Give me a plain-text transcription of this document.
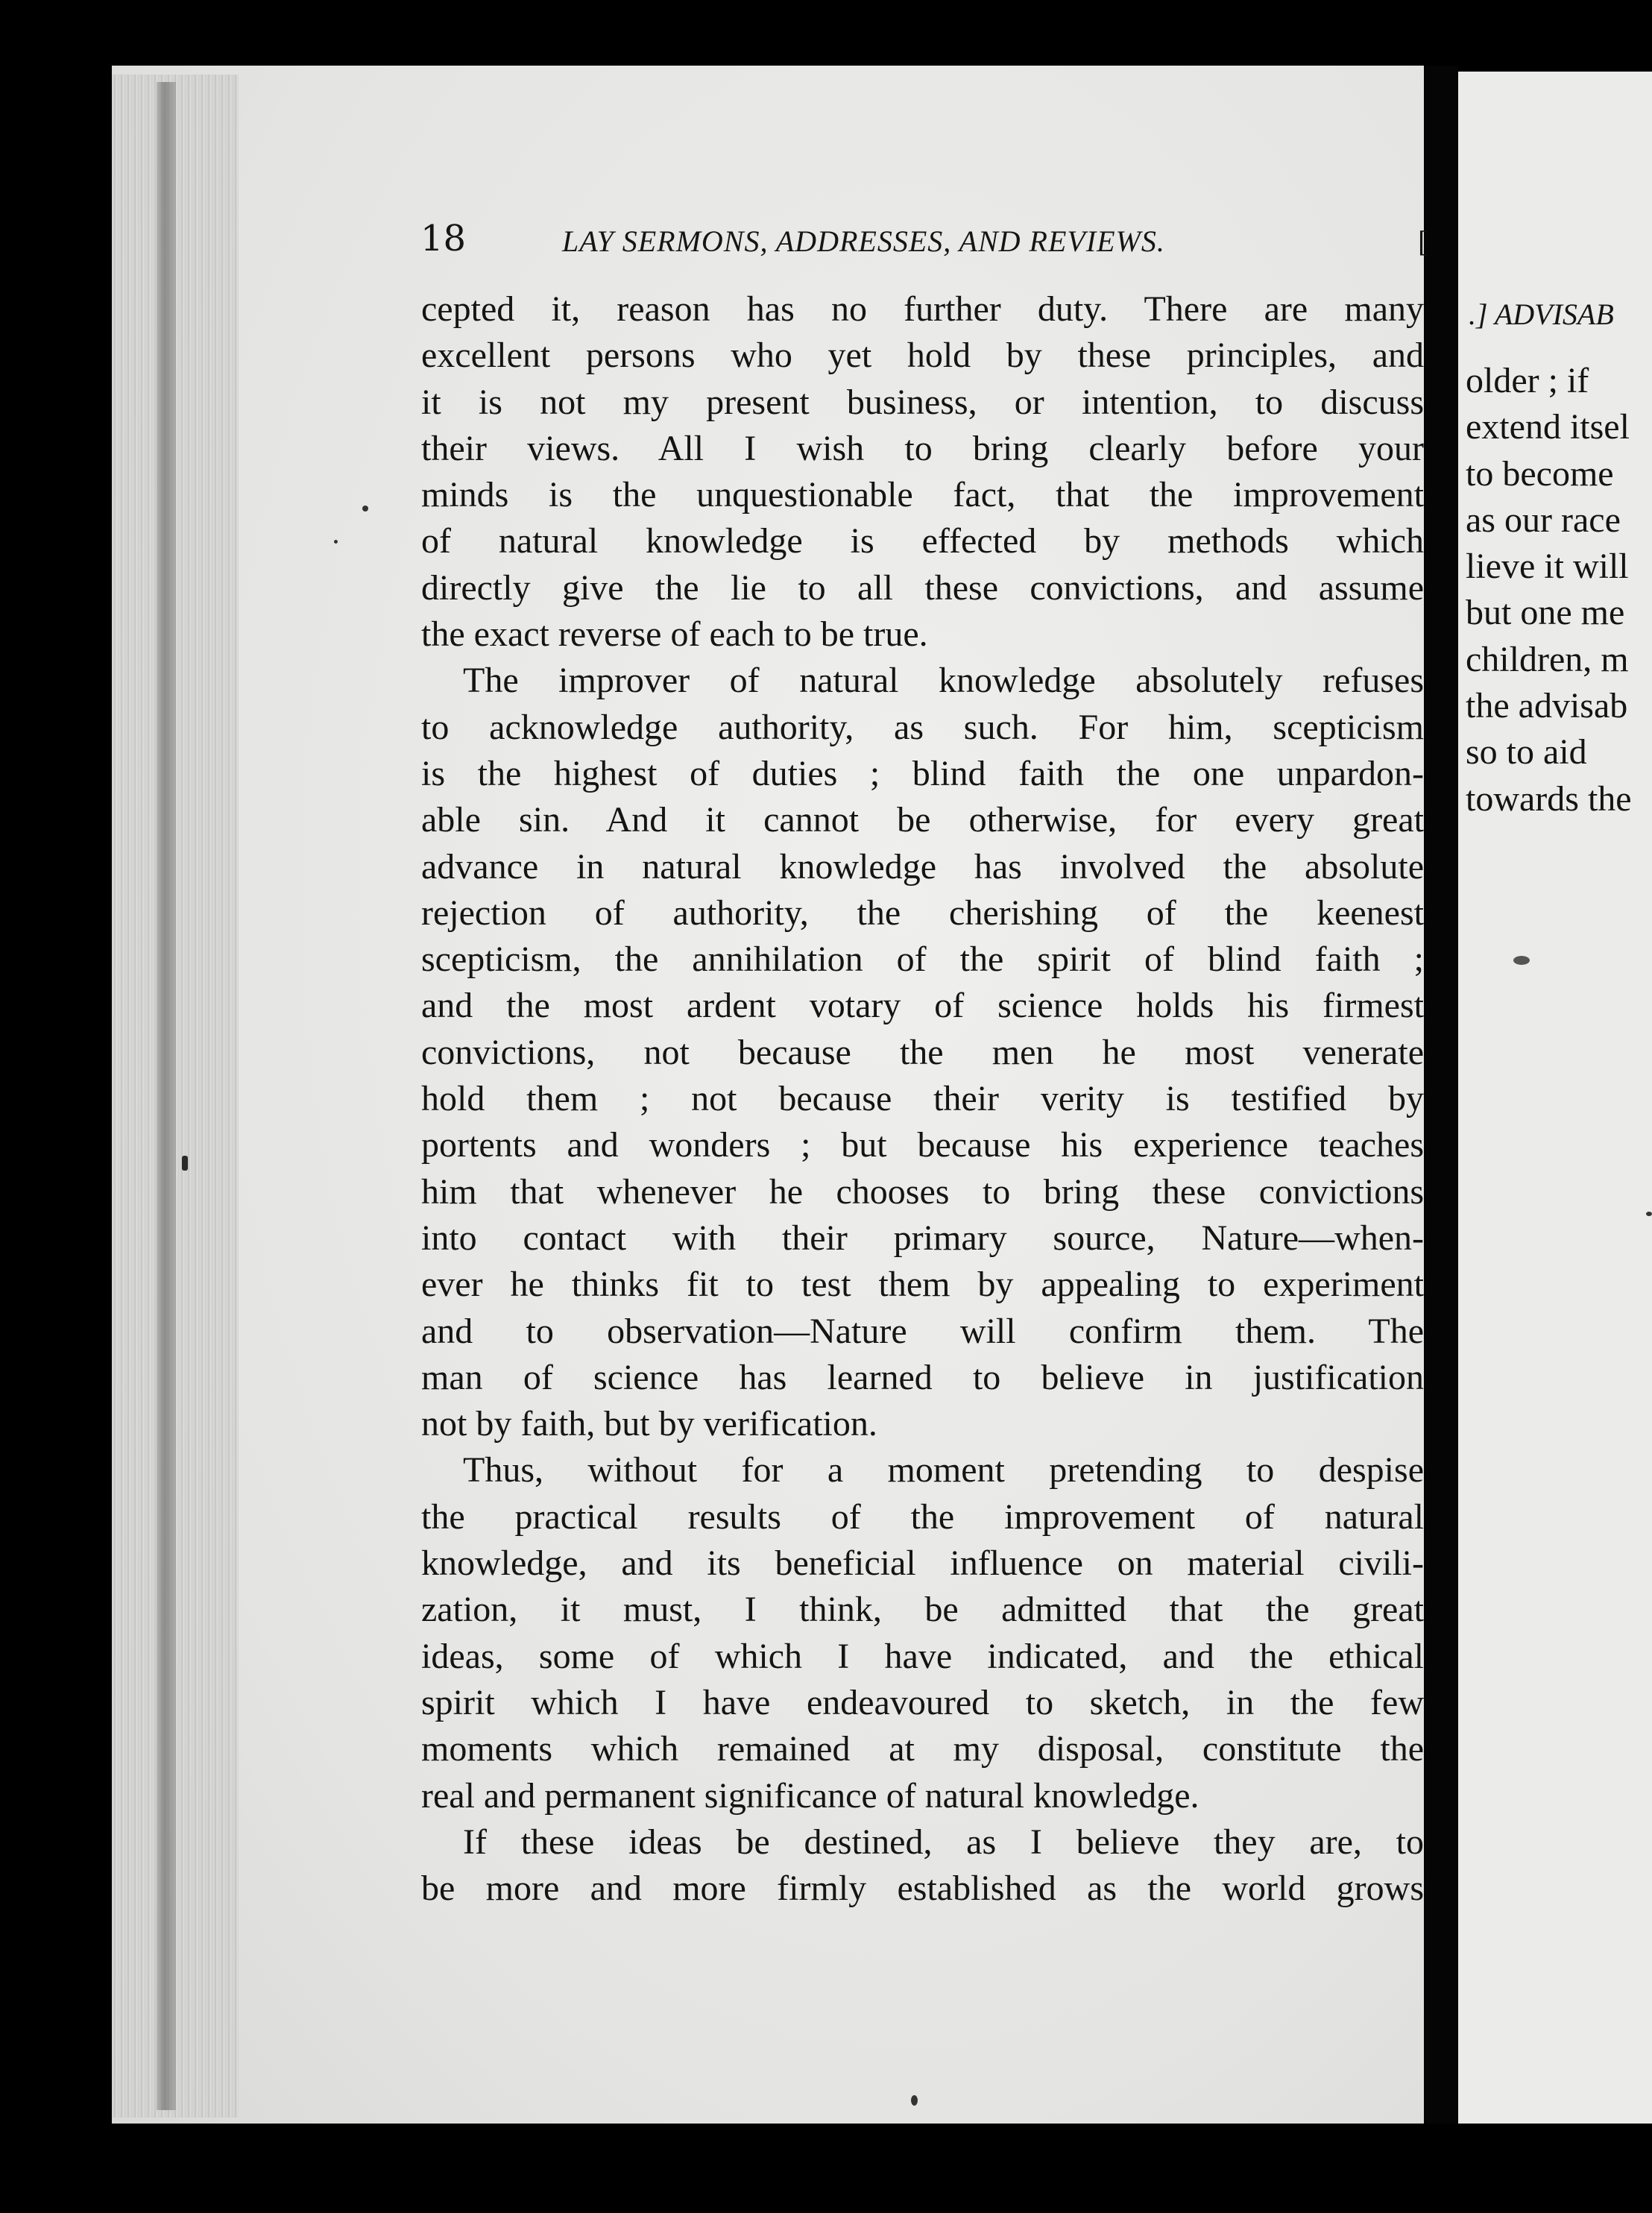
.] ADVISAB
older ; if
extend itsel
to become
as our race
lieve it will
but one me
children, m
the advisab
so to aid
towards the
18	LAY SERMONS, ADDRESSES, AND REVIEWS.	[
cepted it, reason has no further duty. There are many
excellent persons who yet hold by these principles, and
it is not my present business, or intention, to discuss
their views. All I wish to bring clearly before your
minds is the unquestionable fact, that the improvement
of natural knowledge is effected by methods which
directly give the lie to all these convictions, and assume
the exact reverse of each to be true.
The improver of natural knowledge absolutely refuses
to acknowledge authority, as such. For him, scepticism
is the highest of duties ; blind faith the one unpardon-
able sin. And it cannot be otherwise, for every great
advance in natural knowledge has involved the absolute
rejection of authority, the cherishing of the keenest
scepticism, the annihilation of the spirit of blind faith ;
and the most ardent votary of science holds his firmest
convictions, not because the men he most venerate
hold them ; not because their verity is testified by
portents and wonders ; but because his experience teaches
him that whenever he chooses to bring these convictions
into contact with their primary source, Nature—when-
ever he thinks fit to test them by appealing to experiment
and to observation—Nature will confirm them. The
man of science has learned to believe in justification
not by faith, but by verification.
Thus, without for a moment pretending to despise
the practical results of the improvement of natural
knowledge, and its beneficial influence on material civili-
zation, it must, I think, be admitted that the great
ideas, some of which I have indicated, and the ethical
spirit which I have endeavoured to sketch, in the few
moments which remained at my disposal, constitute the
real and permanent significance of natural knowledge.
If these ideas be destined, as I believe they are, to
be more and more firmly established as the world grows
